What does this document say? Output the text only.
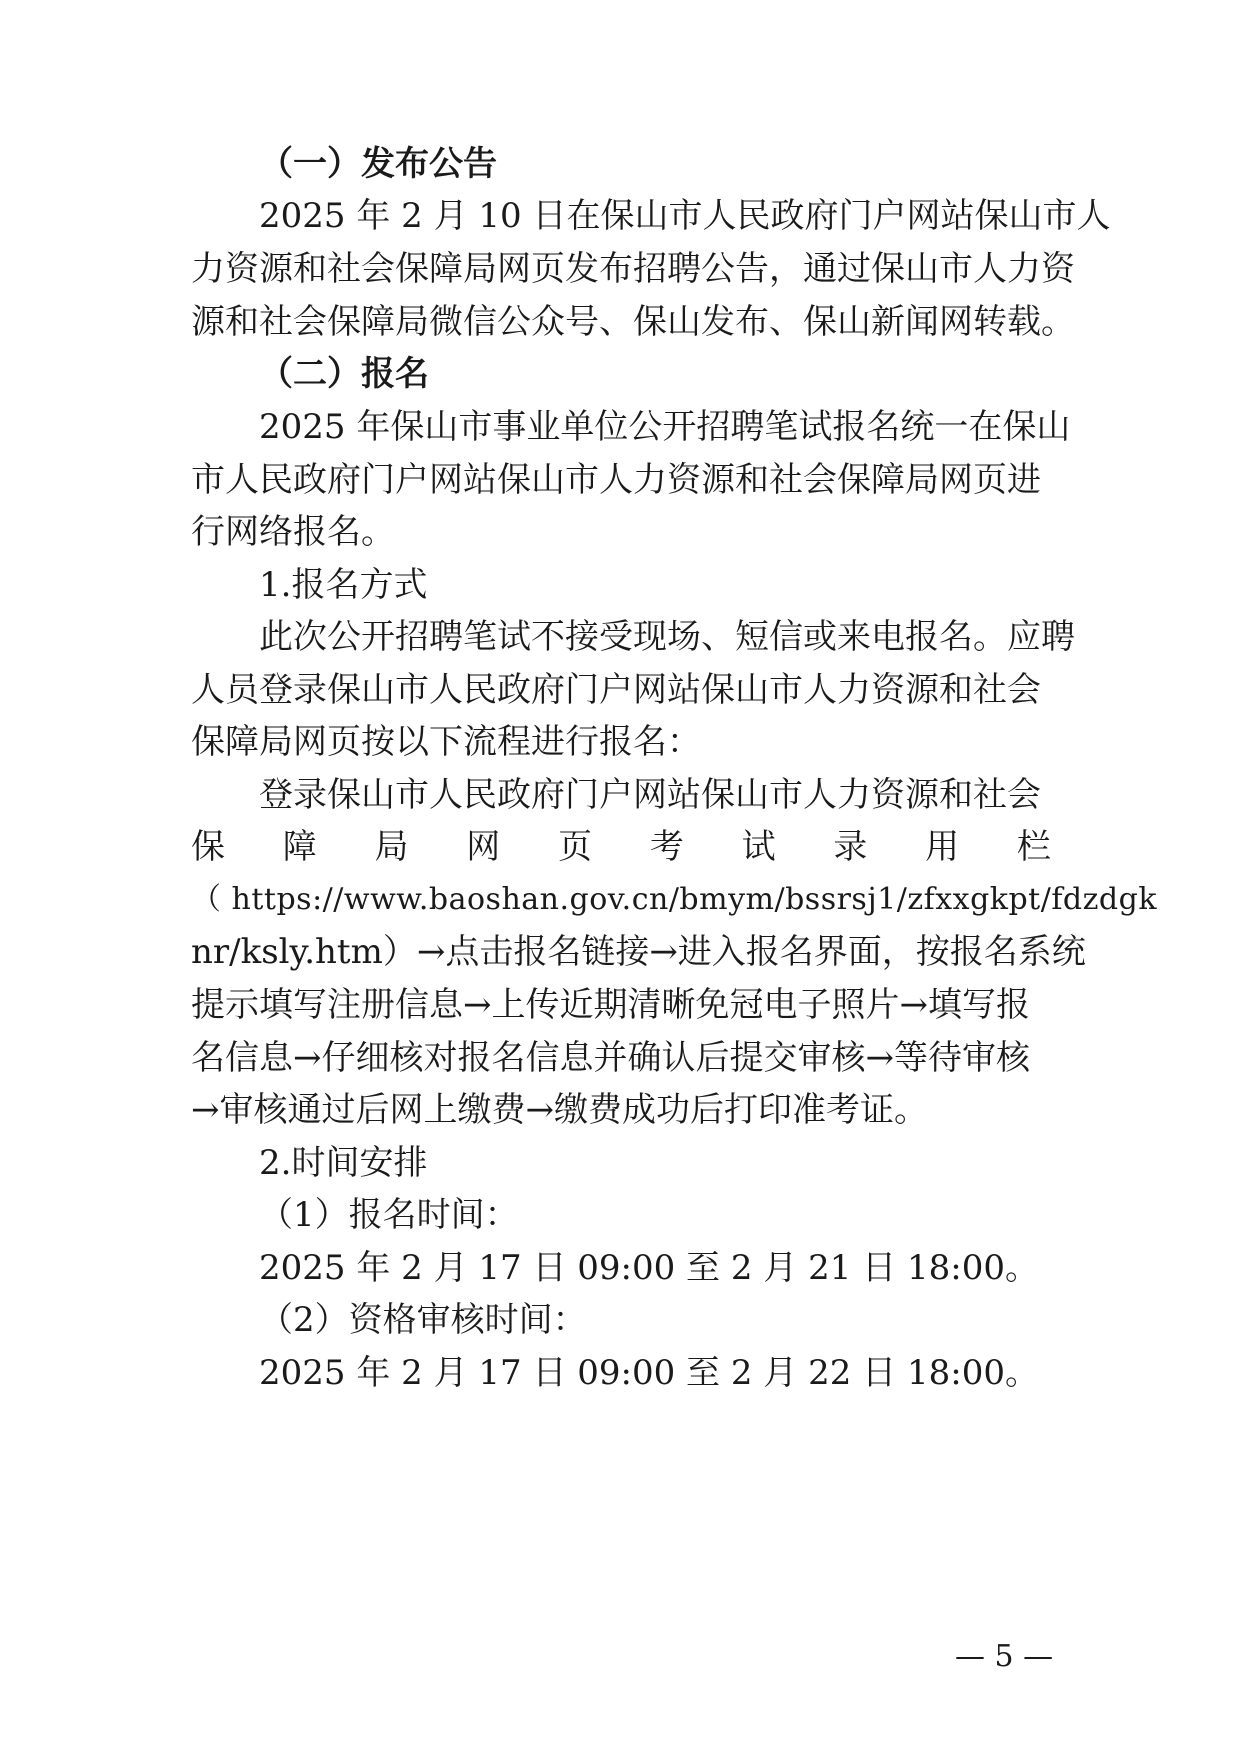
（一）发布公告
2025 年 2 月 10 日在保山市人民政府门户网站保山市人
力资源和社会保障局网页发布招聘公告，通过保山市人力资
源和社会保障局微信公众号、保山发布、保山新闻网转载。
（二）报名
2025 年保山市事业单位公开招聘笔试报名统一在保山
市人民政府门户网站保山市人力资源和社会保障局网页进
行网络报名。
1.报名方式
此次公开招聘笔试不接受现场、短信或来电报名。应聘
人员登录保山市人民政府门户网站保山市人力资源和社会
保障局网页按以下流程进行报名：
登录保山市人民政府门户网站保山市人力资源和社会
保 障 局 网 页 考 试 录 用 栏
（ https://www.baoshan.gov.cn/bmym/bssrsj1/zfxxgkpt/fdzdgk
nr/ksly.htm）→点击报名链接→进入报名界面，按报名系统
提示填写注册信息→上传近期清晰免冠电子照片→填写报
名信息→仔细核对报名信息并确认后提交审核→等待审核
→审核通过后网上缴费→缴费成功后打印准考证。
2.时间安排
（1）报名时间：
2025 年 2 月 17 日 09:00 至 2 月 21 日 18:00。
（2）资格审核时间：
2025 年 2 月 17 日 09:00 至 2 月 22 日 18:00。
— 5 —
